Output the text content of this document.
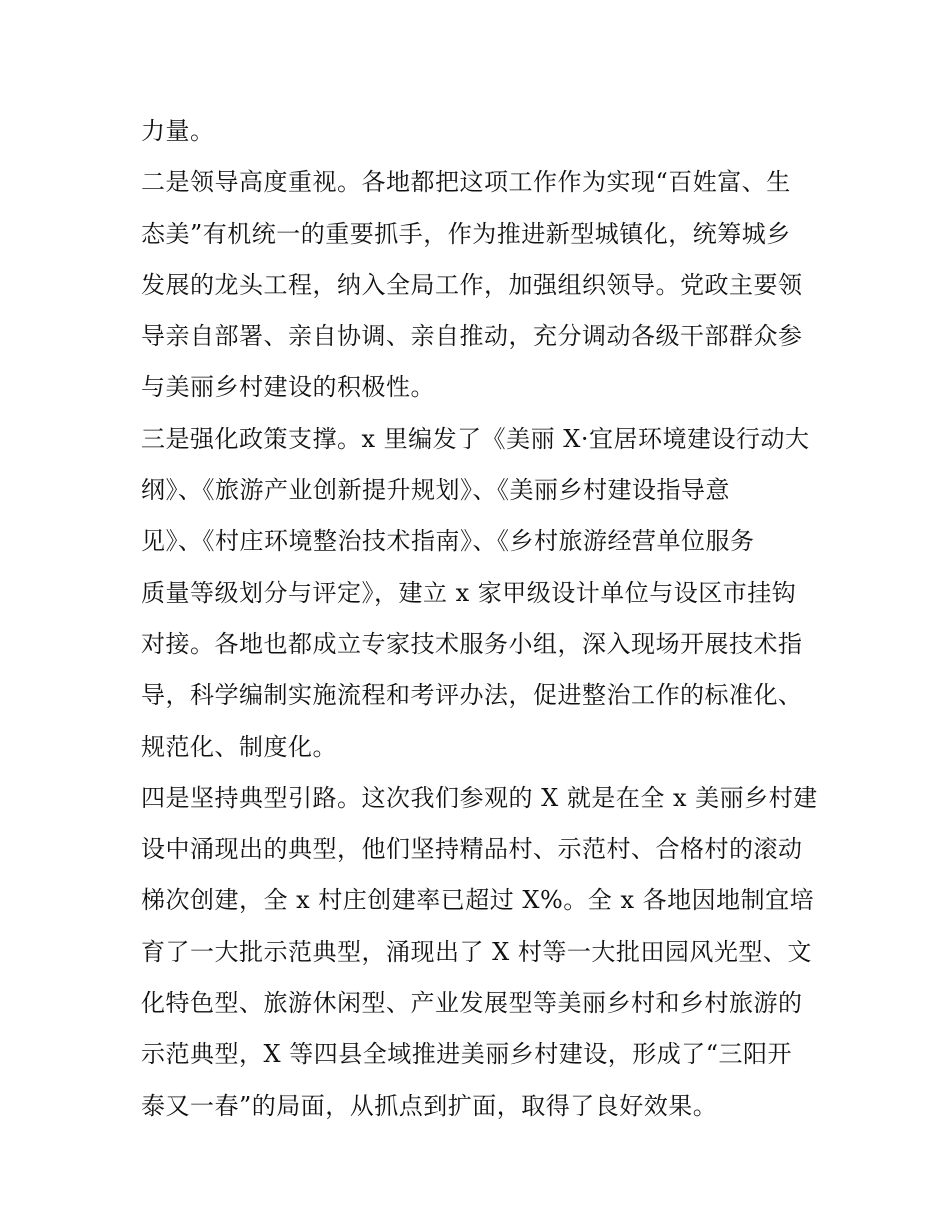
力量。
二是领导高度重视。各地都把这项工作作为实现“百姓富、生
态美”有机统一的重要抓手，作为推进新型城镇化，统筹城乡
发展的龙头工程，纳入全局工作，加强组织领导。党政主要领
导亲自部署、亲自协调、亲自推动，充分调动各级干部群众参
与美丽乡村建设的积极性。
三是强化政策支撑。x 里编发了《美丽 X·宜居环境建设行动大
纲》、《旅游产业创新提升规划》、《美丽乡村建设指导意
见》、《村庄环境整治技术指南》、《乡村旅游经营单位服务
质量等级划分与评定》，建立 x 家甲级设计单位与设区市挂钩
对接。各地也都成立专家技术服务小组，深入现场开展技术指
导，科学编制实施流程和考评办法，促进整治工作的标准化、
规范化、制度化。
四是坚持典型引路。这次我们参观的 X 就是在全 x 美丽乡村建
设中涌现出的典型，他们坚持精品村、示范村、合格村的滚动
梯次创建，全 x 村庄创建率已超过 X%。全 x 各地因地制宜培
育了一大批示范典型，涌现出了 X 村等一大批田园风光型、文
化特色型、旅游休闲型、产业发展型等美丽乡村和乡村旅游的
示范典型，X 等四县全域推进美丽乡村建设，形成了“三阳开
泰又一春”的局面，从抓点到扩面，取得了良好效果。
